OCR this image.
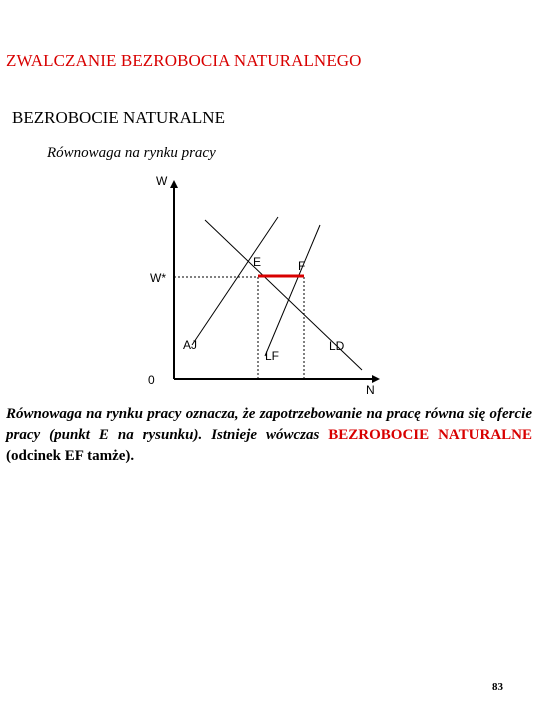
ZWALCZANIE BEZROBOCIA NATURALNEGO
BEZROBOCIE NATURALNE
Równowaga na rynku pracy
W
N
0
W*
E	F
AJ
LF
LD

Równowaga na rynku pracy oznacza, że zapotrzebowanie na pracę równa się ofercie pracy (punkt E na rysunku). Istnieje wówczas BEZROBOCIE NATURALNE (odcinek EF tamże).
83
